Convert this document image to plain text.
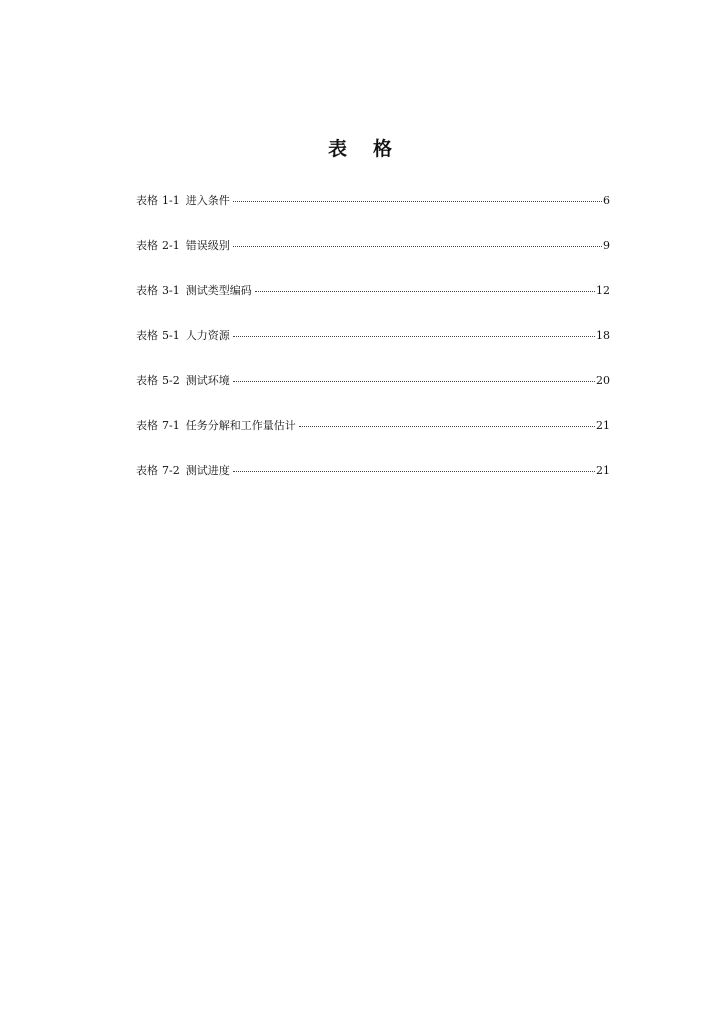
表格
表格 1-1 进入条件	6
表格 2-1 错误级别	9
表格 3-1 测试类型编码	12
表格 5-1 人力资源	18
表格 5-2 测试环境	20
表格 7-1 任务分解和工作量估计	21
表格 7-2 测试进度	21
